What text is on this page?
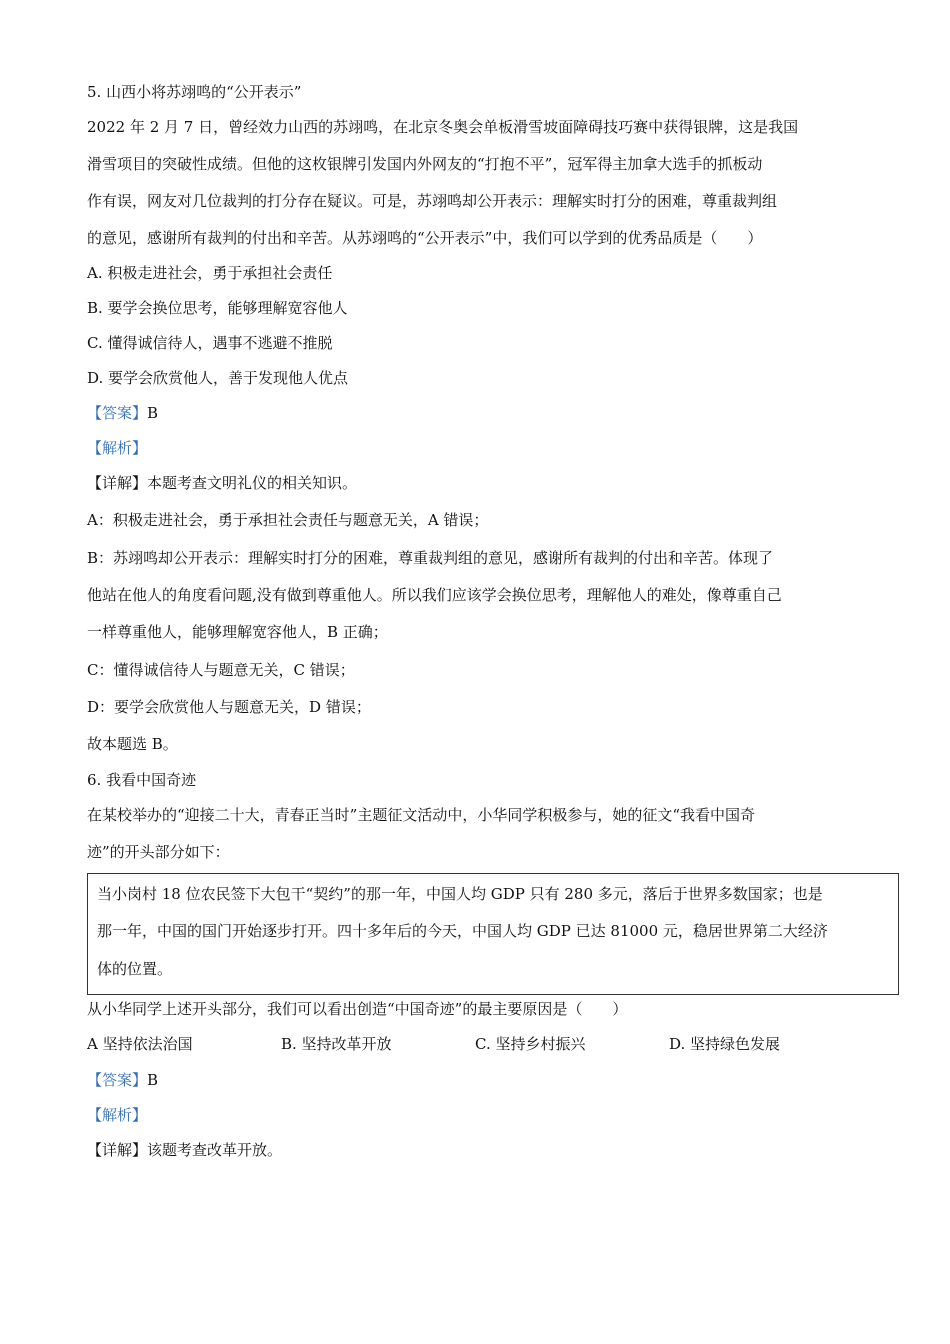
5. 山西小将苏翊鸣的“公开表示”
2022 年 2 月 7 日，曾经效力山西的苏翊鸣，在北京冬奥会单板滑雪坡面障碍技巧赛中获得银牌，这是我国
滑雪项目的突破性成绩。但他的这枚银牌引发国内外网友的“打抱不平”，冠军得主加拿大选手的抓板动
作有误，网友对几位裁判的打分存在疑议。可是，苏翊鸣却公开表示：理解实时打分的困难，尊重裁判组
的意见，感谢所有裁判的付出和辛苦。从苏翊鸣的“公开表示”中，我们可以学到的优秀品质是（　　）
A. 积极走进社会，勇于承担社会责任
B. 要学会换位思考，能够理解宽容他人
C. 懂得诚信待人，遇事不逃避不推脱
D. 要学会欣赏他人，善于发现他人优点
【答案】B
【解析】
【详解】本题考查文明礼仪的相关知识。
A：积极走进社会，勇于承担社会责任与题意无关，A 错误；
B：苏翊鸣却公开表示：理解实时打分的困难，尊重裁判组的意见，感谢所有裁判的付出和辛苦。体现了
他站在他人的角度看问题,没有做到尊重他人。所以我们应该学会换位思考，理解他人的难处，像尊重自己
一样尊重他人，能够理解宽容他人，B 正确；
C：懂得诚信待人与题意无关，C 错误；
D：要学会欣赏他人与题意无关，D 错误；
故本题选 B。
6. 我看中国奇迹
在某校举办的“迎接二十大，青春正当时”主题征文活动中，小华同学积极参与，她的征文“我看中国奇
迹”的开头部分如下：
当小岗村 18 位农民签下大包干“契约”的那一年，中国人均 GDP 只有 280 多元，落后于世界多数国家；也是
那一年，中国的国门开始逐步打开。四十多年后的今天，中国人均 GDP 已达 81000 元，稳居世界第二大经济
体的位置。
从小华同学上述开头部分，我们可以看出创造“中国奇迹”的最主要原因是（　　）
A 坚持依法治国	B. 坚持改革开放	C. 坚持乡村振兴	D. 坚持绿色发展
【答案】B
【解析】
【详解】该题考查改革开放。
